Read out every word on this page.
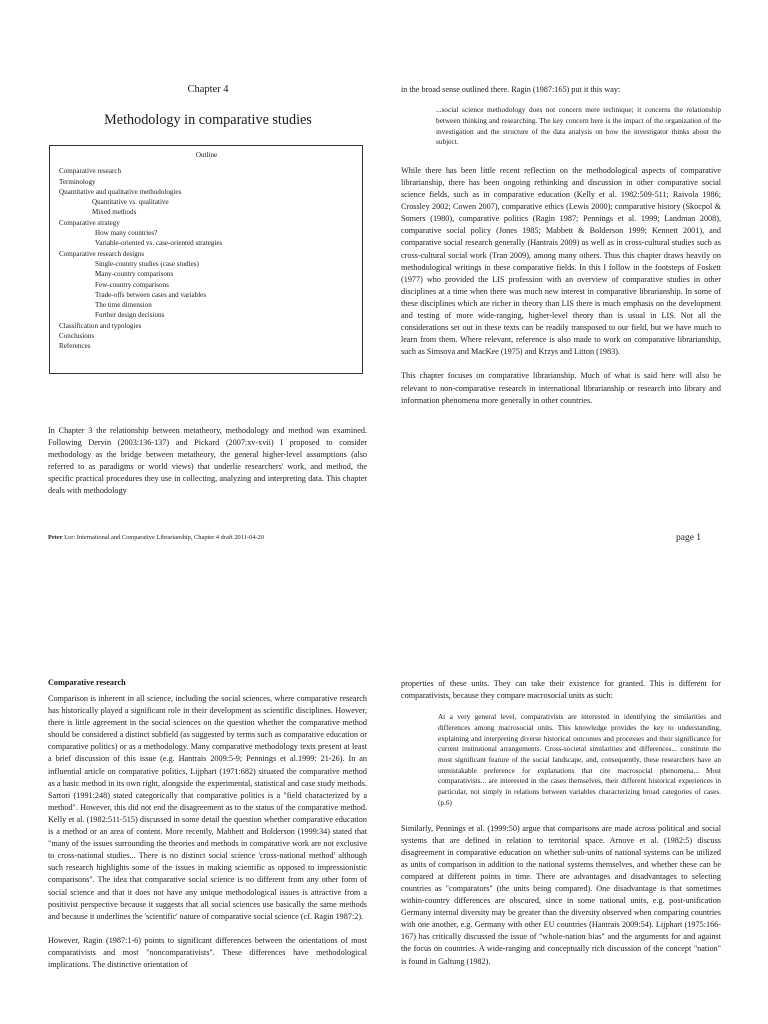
Chapter 4
Methodology in comparative studies
Outline
Comparative research
Terminology
Quantitative and qualitative methodologies
Quantitative vs. qualitative
Mixed methods
Comparative strategy
How many countries?
Variable-oriented vs. case-oriented strategies
Comparative research designs
Single-country studies (case studies)
Many-country comparisons
Few-country comparisons
Trade-offs between cases and variables
The time dimension
Further design decisions
Classification and typologies
Conclusions
References

In Chapter 3 the relationship between metatheory, methodology and method was examined. Following Dervin (2003:136-137) and Pickard (2007:xv-xvii) I proposed to consider methodology as the bridge between metatheory, the general higher-level assumptions (also referred to as paradigms or world views) that underlie researchers' work, and method, the specific practical procedures they use in collecting, analyzing and interpreting data. This chapter deals with methodology

in the broad sense outlined there. Ragin (1987:165) put it this way:

...social science methodology does not concern mere technique; it concerns the relationship between thinking and researching. The key concern here is the impact of the organization of the investigation and the structure of the data analysis on how the investigator thinks about the subject.

While there has been little recent reflection on the methodological aspects of comparative librarianship, there has been ongoing rethinking and discussion in other comparative social science fields, such as in comparative education (Kelly et al. 1982:509-511; Raivola 1986; Crossley 2002; Cowen 2007), comparative ethics (Lewis 2000); comparative history (Skocpol & Somers (1980), comparative politics (Ragin 1987; Pennings et al. 1999; Landman 2008), comparative social policy (Jones 1985; Mabbett & Bolderson 1999; Kennett 2001), and comparative social research generally (Hantrais 2009) as well as in cross-cultural studies such as cross-cultural social work (Tran 2009), among many others. Thus this chapter draws heavily on methodological writings in these comparative fields. In this I follow in the footsteps of Foskett (1977) who provided the LIS profession with an overview of comparative studies in other disciplines at a time when there was much new interest in comparative librarianship. In some of these disciplines which are richer in theory than LIS there is much emphasis on the development and testing of more wide-ranging, higher-level theory than is usual in LIS. Not all the considerations set out in these texts can be readily transposed to our field, but we have much to learn from them. Where relevant, reference is also made to work on comparative librarianship, such as Simsova and MacKee (1975) and Krzys and Litton (1983).

This chapter focuses on comparative librarianship. Much of what is said here will also be relevant to non-comparative research in international librarianship or research into library and information phenomena more generally in other countries.

Peter Lor: International and Comparative Librarianship, Chapter 4 draft 2011-04-20	page 1

Comparative research

Comparison is inherent in all science, including the social sciences, where comparative research has historically played a significant role in their development as scientific disciplines. However, there is little agreement in the social sciences on the question whether the comparative method should be considered a distinct subfield (as suggested by terms such as comparative education or comparative politics) or as a methodology. Many comparative methodology texts present at least a brief discussion of this issue (e.g. Hantrais 2009:5-9; Pennings et al.1999: 21-26). In an influential article on comparative politics, Lijphart (1971:682) situated the comparative method as a basic method in its own right, alongside the experimental, statistical and case study methods. Sartori (1991:248) stated categorically that comparative politics is a "field characterized by a method". However, this did not end the disagreement as to the status of the comparative method. Kelly et al. (1982:511-515) discussed in some detail the question whether comparative education is a method or an area of content. More recently, Mabbett and Bolderson (1999:34) stated that "many of the issues surrounding the theories and methods in comparative work are not exclusive to cross-national studies... There is no distinct social science 'cross-national method' although such research highlights some of the issues in making scientific as opposed to impressionistic comparisons". The idea that comparative social science is no different from any other form of social science and that it does not have any unique methodological issues is attractive from a positivist perspective because it suggests that all social sciences use basically the same methods and because it underlines the 'scientific' nature of comparative social science (cf. Ragin 1987:2).

However, Ragin (1987:1-6) points to significant differences between the orientations of most comparativists and most "noncomparativists". These differences have methodological implications. The distinctive orientation of

properties of these units. They can take their existence for granted. This is different for comparativists, because they compare macrosocial units as such:

At a very general level, comparativists are interested in identifying the similarities and differences among macrosocial units. This knowledge provides the key to understanding, explaining and interpreting diverse historical outcomes and processes and their significance for current institutional arrangements. Cross-societal similarities and differences... constitute the most significant feature of the social landscape, and, consequently, these researchers have an unmistakable preference for explanations that cite macrosocial phenomena... Most comparativists... are interested in the cases themselves, their different historical experiences in particular, not simply in relations between variables characterizing broad categories of cases. (p.6)

Similarly, Pennings et al. (1999:50) argue that comparisons are made across political and social systems that are defined in relation to territorial space. Arnove et al. (1982:5) discuss disagreement in comparative education on whether sub-units of national systems can be utilized as units of comparison in addition to the national systems themselves, and whether these can be compared at different points in time. There are advantages and disadvantages to selecting countries as "comparators" (the units being compared). One disadvantage is that sometimes within-country differences are obscured, since in some national units, e.g. post-unification Germany internal diversity may be greater than the diversity observed when comparing countries with one another, e.g. Germany with other EU countries (Hantrais 2009:54). Lijphart (1975:166-167) has critically discussed the issue of "whole-nation bias" and the arguments for and against the focus on countries. A wide-ranging and conceptually rich discussion of the concept "nation" is found in Galtung (1982).
